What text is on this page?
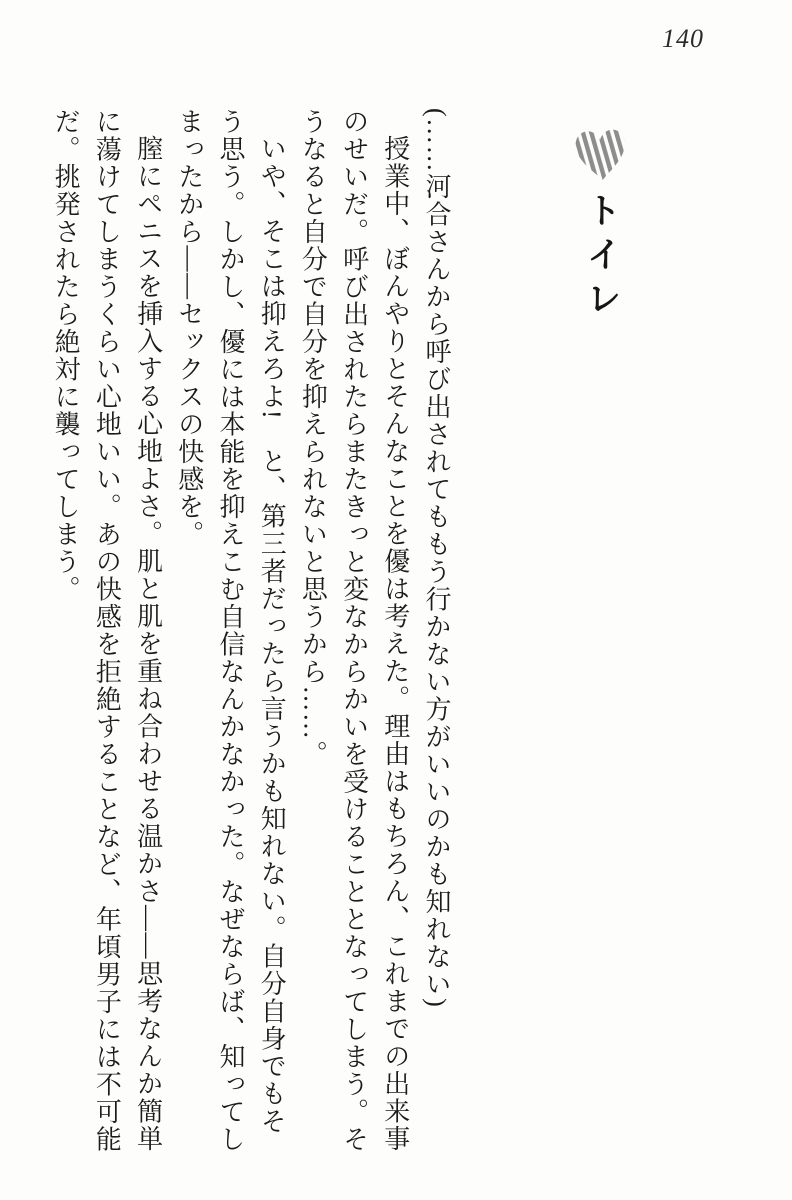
140
トイレ
(……河合さんから呼び出されてももう行かない方がいいのかも知れない)
授業中、ぼんやりとそんなことを優は考えた。理由はもちろん、これまでの出来事
のせいだ。呼び出されたらまたきっと変なからかいを受けることとなってしまう。そ
うなると自分で自分を抑えられないと思うから……。
いや、そこは抑えろよ!　と、第三者だったら言うかも知れない。自分自身でもそ
う思う。しかし、優には本能を抑えこむ自信なんかなかった。なぜならば、知ってし
まったから――セックスの快感を。
膣にペニスを挿入する心地よさ。肌と肌を重ね合わせる温かさ――思考なんか簡単
に蕩けてしまうくらい心地いい。あの快感を拒絶することなど、年頃男子には不可能
だ。挑発されたら絶対に襲ってしまう。
